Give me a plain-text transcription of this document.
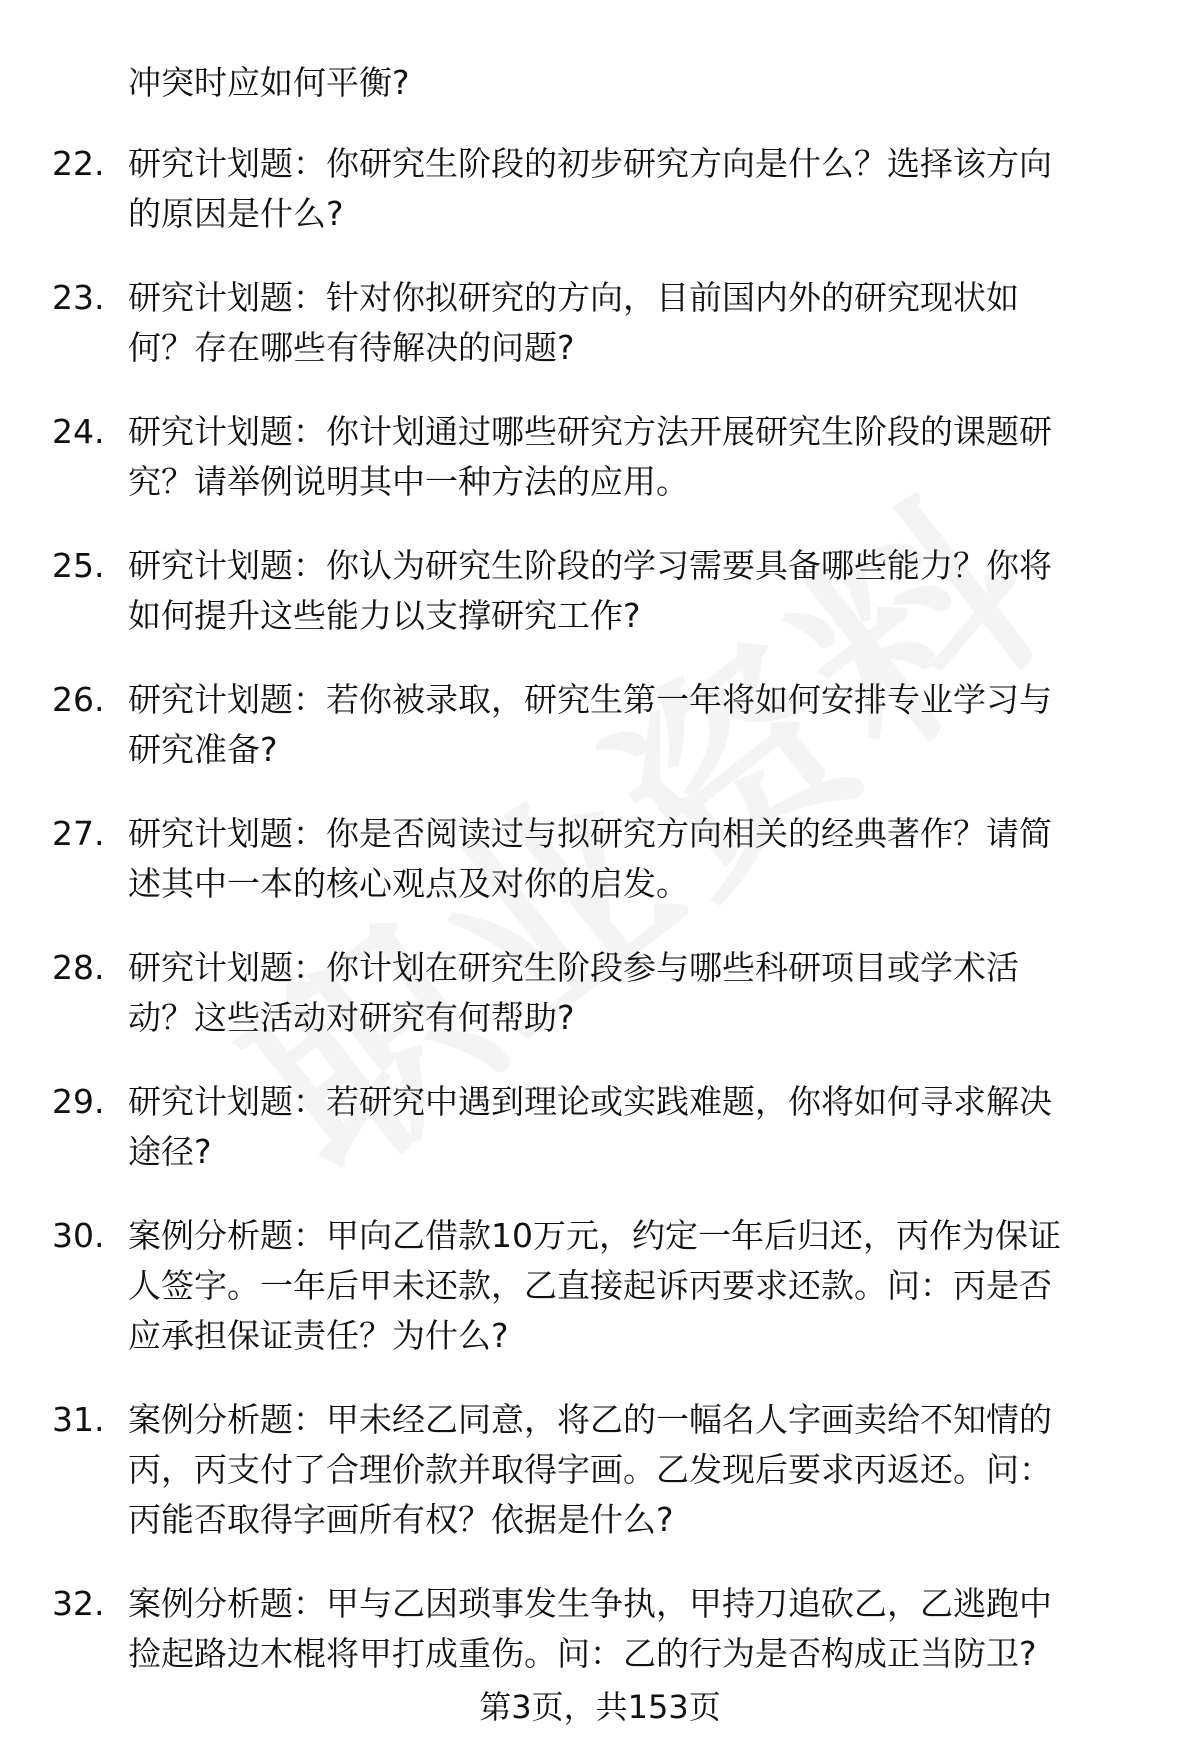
冲突时应如何平衡?
22. 研究计划题：你研究生阶段的初步研究方向是什么？选择该方向
的原因是什么?
23. 研究计划题：针对你拟研究的方向，目前国内外的研究现状如
何？存在哪些有待解决的问题?
24. 研究计划题：你计划通过哪些研究方法开展研究生阶段的课题研
究？请举例说明其中一种方法的应用。
25. 研究计划题：你认为研究生阶段的学习需要具备哪些能力？你将
如何提升这些能力以支撑研究工作?
26. 研究计划题：若你被录取，研究生第一年将如何安排专业学习与
研究准备?
27. 研究计划题：你是否阅读过与拟研究方向相关的经典著作？请简
述其中一本的核心观点及对你的启发。
28. 研究计划题：你计划在研究生阶段参与哪些科研项目或学术活
动？这些活动对研究有何帮助?
29. 研究计划题：若研究中遇到理论或实践难题，你将如何寻求解决
途径?
30. 案例分析题：甲向乙借款10万元，约定一年后归还，丙作为保证
人签字。一年后甲未还款，乙直接起诉丙要求还款。问：丙是否
应承担保证责任？为什么?
31. 案例分析题：甲未经乙同意，将乙的一幅名人字画卖给不知情的
丙，丙支付了合理价款并取得字画。乙发现后要求丙返还。问：
丙能否取得字画所有权？依据是什么?
32. 案例分析题：甲与乙因琐事发生争执，甲持刀追砍乙，乙逃跑中
捡起路边木棍将甲打成重伤。问：乙的行为是否构成正当防卫?
第3页，共153页
